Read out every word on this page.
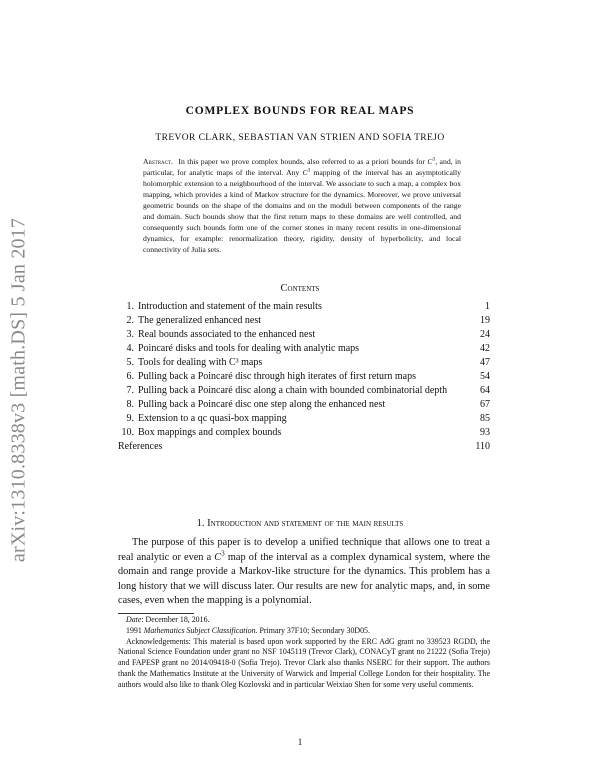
arXiv:1310.8338v3 [math.DS] 5 Jan 2017
COMPLEX BOUNDS FOR REAL MAPS
TREVOR CLARK, SEBASTIAN VAN STRIEN AND SOFIA TREJO
Abstract. In this paper we prove complex bounds, also referred to as a priori bounds for $C^3$, and, in particular, for analytic maps of the interval. Any $C^3$ mapping of the interval has an asymptotically holomorphic extension to a neighbourhood of the interval. We associate to such a map, a complex box mapping, which provides a kind of Markov structure for the dynamics. Moreover, we prove universal geometric bounds on the shape of the domains and on the moduli between components of the range and domain. Such bounds show that the first return maps to these domains are well controlled, and consequently such bounds form one of the corner stones in many recent results in one-dimensional dynamics, for example: renormalization theory, rigidity, density of hyperbolicity, and local connectivity of Julia sets.
Contents
1. Introduction and statement of the main results	1
2. The generalized enhanced nest	19
3. Real bounds associated to the enhanced nest	24
4. Poincaré disks and tools for dealing with analytic maps	42
5. Tools for dealing with C³ maps	47
6. Pulling back a Poincaré disc through high iterates of first return maps	54
7. Pulling back a Poincaré disc along a chain with bounded combinatorial depth	64
8. Pulling back a Poincaré disc one step along the enhanced nest	67
9. Extension to a qc quasi-box mapping	85
10. Box mappings and complex bounds	93
References	110
1. Introduction and statement of the main results
The purpose of this paper is to develop a unified technique that allows one to treat a real analytic or even a $C^3$ map of the interval as a complex dynamical system, where the domain and range provide a Markov-like structure for the dynamics. This problem has a long history that we will discuss later. Our results are new for analytic maps, and, in some cases, even when the mapping is a polynomial.
Date: December 18, 2016.
1991 Mathematics Subject Classification. Primary 37F10; Secondary 30D05.
Acknowledgements: This material is based upon work supported by the ERC AdG grant no 339523 RGDD, the National Science Foundation under grant no NSF 1045119 (Trevor Clark), CONACyT grant no 21222 (Sofia Trejo) and FAPESP grant no 2014/09418-0 (Sofia Trejo). Trevor Clark also thanks NSERC for their support. The authors thank the Mathematics Institute at the University of Warwick and Imperial College London for their hospitality. The authors would also like to thank Oleg Kozlovski and in particular Weixiao Shen for some very useful comments.
1
